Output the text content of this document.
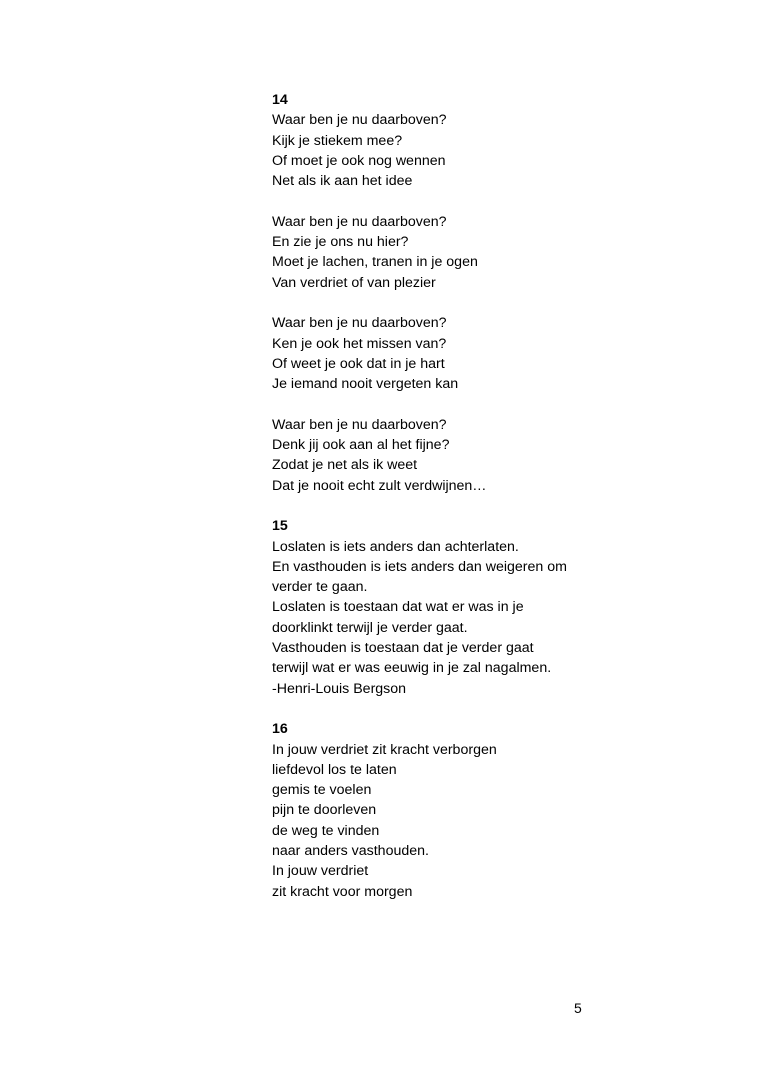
14
Waar ben je nu daarboven?
Kijk je stiekem mee?
Of moet je ook nog wennen
Net als ik aan het idee
Waar ben je nu daarboven?
En zie je ons nu hier?
Moet je lachen, tranen in je ogen
Van verdriet of van plezier
Waar ben je nu daarboven?
Ken je ook het missen van?
Of weet je ook dat in je hart
Je iemand nooit vergeten kan
Waar ben je nu daarboven?
Denk jij ook aan al het fijne?
Zodat je net als ik weet
Dat je nooit echt zult verdwijnen…
15
Loslaten is iets anders dan achterlaten.
En vasthouden is iets anders dan weigeren om
verder te gaan.
Loslaten is toestaan dat wat er was in je
doorklinkt terwijl je verder gaat.
Vasthouden is toestaan dat je verder gaat
terwijl wat er was eeuwig in je zal nagalmen.
-Henri-Louis Bergson
16
In jouw verdriet zit kracht verborgen
liefdevol los te laten
gemis te voelen
pijn te doorleven
de weg te vinden
naar anders vasthouden.
In jouw verdriet
zit kracht voor morgen
5
